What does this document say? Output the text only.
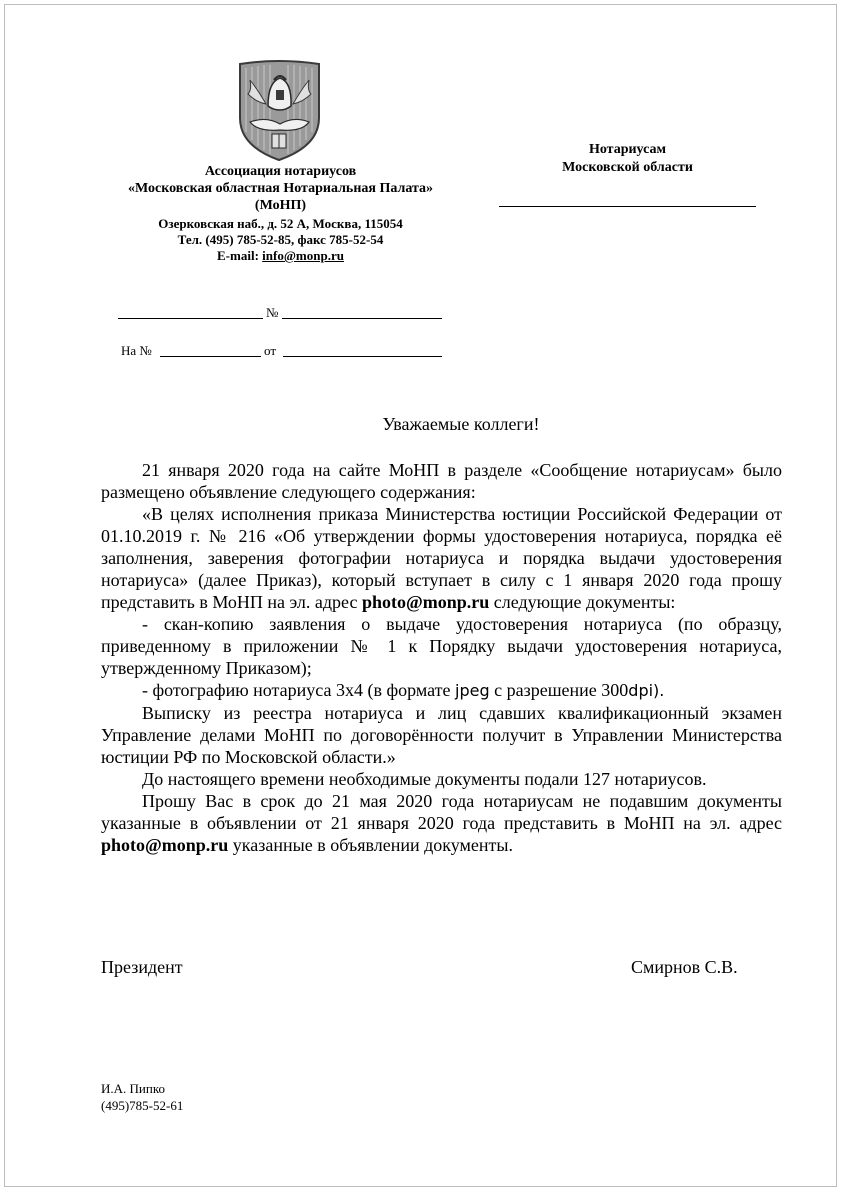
Ассоциация нотариусов
«Московская областная Нотариальная Палата»
(МоНП)
Озерковская наб., д. 52 А, Москва, 115054
Тел. (495) 785-52-85, факс 785-52-54
E-mail: info@monp.ru
Нотариусам
Московской области
№
На №	от
Уважаемые коллеги!

21 января 2020 года на сайте МоНП в разделе «Сообщение нотариусам» было размещено объявление следующего содержания:

«В целях исполнения приказа Министерства юстиции Российской Федерации от 01.10.2019 г. № 216 «Об утверждении формы удостоверения нотариуса, порядка её заполнения, заверения фотографии нотариуса и порядка выдачи удостоверения нотариуса» (далее Приказ), который вступает в силу с 1 января 2020 года прошу представить в МоНП на эл. адрес photo@monp.ru следующие документы:

- скан-копию заявления о выдаче удостоверения нотариуса (по образцу, приведенному в приложении № 1 к Порядку выдачи удостоверения нотариуса, утвержденному Приказом);

- фотографию нотариуса 3х4 (в формате jpeg с разрешение 300dpi).

Выписку из реестра нотариуса и лиц сдавших квалификационный экзамен Управление делами МоНП по договорённости получит в Управлении Министерства юстиции РФ по Московской области.»

До настоящего времени необходимые документы подали 127 нотариусов.

Прошу Вас в срок до 21 мая 2020 года нотариусам не подавшим документы указанные в объявлении от 21 января 2020 года представить в МоНП на эл. адрес photo@monp.ru указанные в объявлении документы.

Президент	Смирнов С.В.
И.А. Пипко
(495)785-52-61
